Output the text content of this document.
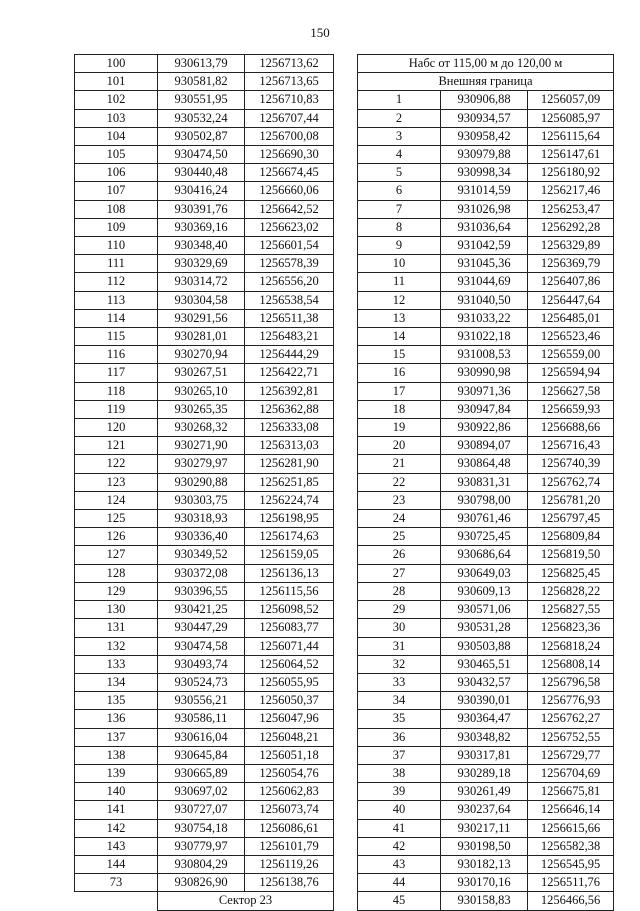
150
100	930613,79	1256713,62
101	930581,82	1256713,65
102	930551,95	1256710,83
103	930532,24	1256707,44
104	930502,87	1256700,08
105	930474,50	1256690,30
106	930440,48	1256674,45
107	930416,24	1256660,06
108	930391,76	1256642,52
109	930369,16	1256623,02
110	930348,40	1256601,54
111	930329,69	1256578,39
112	930314,72	1256556,20
113	930304,58	1256538,54
114	930291,56	1256511,38
115	930281,01	1256483,21
116	930270,94	1256444,29
117	930267,51	1256422,71
118	930265,10	1256392,81
119	930265,35	1256362,88
120	930268,32	1256333,08
121	930271,90	1256313,03
122	930279,97	1256281,90
123	930290,88	1256251,85
124	930303,75	1256224,74
125	930318,93	1256198,95
126	930336,40	1256174,63
127	930349,52	1256159,05
128	930372,08	1256136,13
129	930396,55	1256115,56
130	930421,25	1256098,52
131	930447,29	1256083,77
132	930474,58	1256071,44
133	930493,74	1256064,52
134	930524,73	1256055,95
135	930556,21	1256050,37
136	930586,11	1256047,96
137	930616,04	1256048,21
138	930645,84	1256051,18
139	930665,89	1256054,76
140	930697,02	1256062,83
141	930727,07	1256073,74
142	930754,18	1256086,61
143	930779,97	1256101,79
144	930804,29	1256119,26
73	930826,90	1256138,76
	Сектор 23	
Набс от 115,00 м до 120,00 м		
Внешняя граница		
1	930906,88	1256057,09
2	930934,57	1256085,97
3	930958,42	1256115,64
4	930979,88	1256147,61
5	930998,34	1256180,92
6	931014,59	1256217,46
7	931026,98	1256253,47
8	931036,64	1256292,28
9	931042,59	1256329,89
10	931045,36	1256369,79
11	931044,69	1256407,86
12	931040,50	1256447,64
13	931033,22	1256485,01
14	931022,18	1256523,46
15	931008,53	1256559,00
16	930990,98	1256594,94
17	930971,36	1256627,58
18	930947,84	1256659,93
19	930922,86	1256688,66
20	930894,07	1256716,43
21	930864,48	1256740,39
22	930831,31	1256762,74
23	930798,00	1256781,20
24	930761,46	1256797,45
25	930725,45	1256809,84
26	930686,64	1256819,50
27	930649,03	1256825,45
28	930609,13	1256828,22
29	930571,06	1256827,55
30	930531,28	1256823,36
31	930503,88	1256818,24
32	930465,51	1256808,14
33	930432,57	1256796,58
34	930390,01	1256776,93
35	930364,47	1256762,27
36	930348,82	1256752,55
37	930317,81	1256729,77
38	930289,18	1256704,69
39	930261,49	1256675,81
40	930237,64	1256646,14
41	930217,11	1256615,66
42	930198,50	1256582,38
43	930182,13	1256545,95
44	930170,16	1256511,76
45	930158,83	1256466,56
